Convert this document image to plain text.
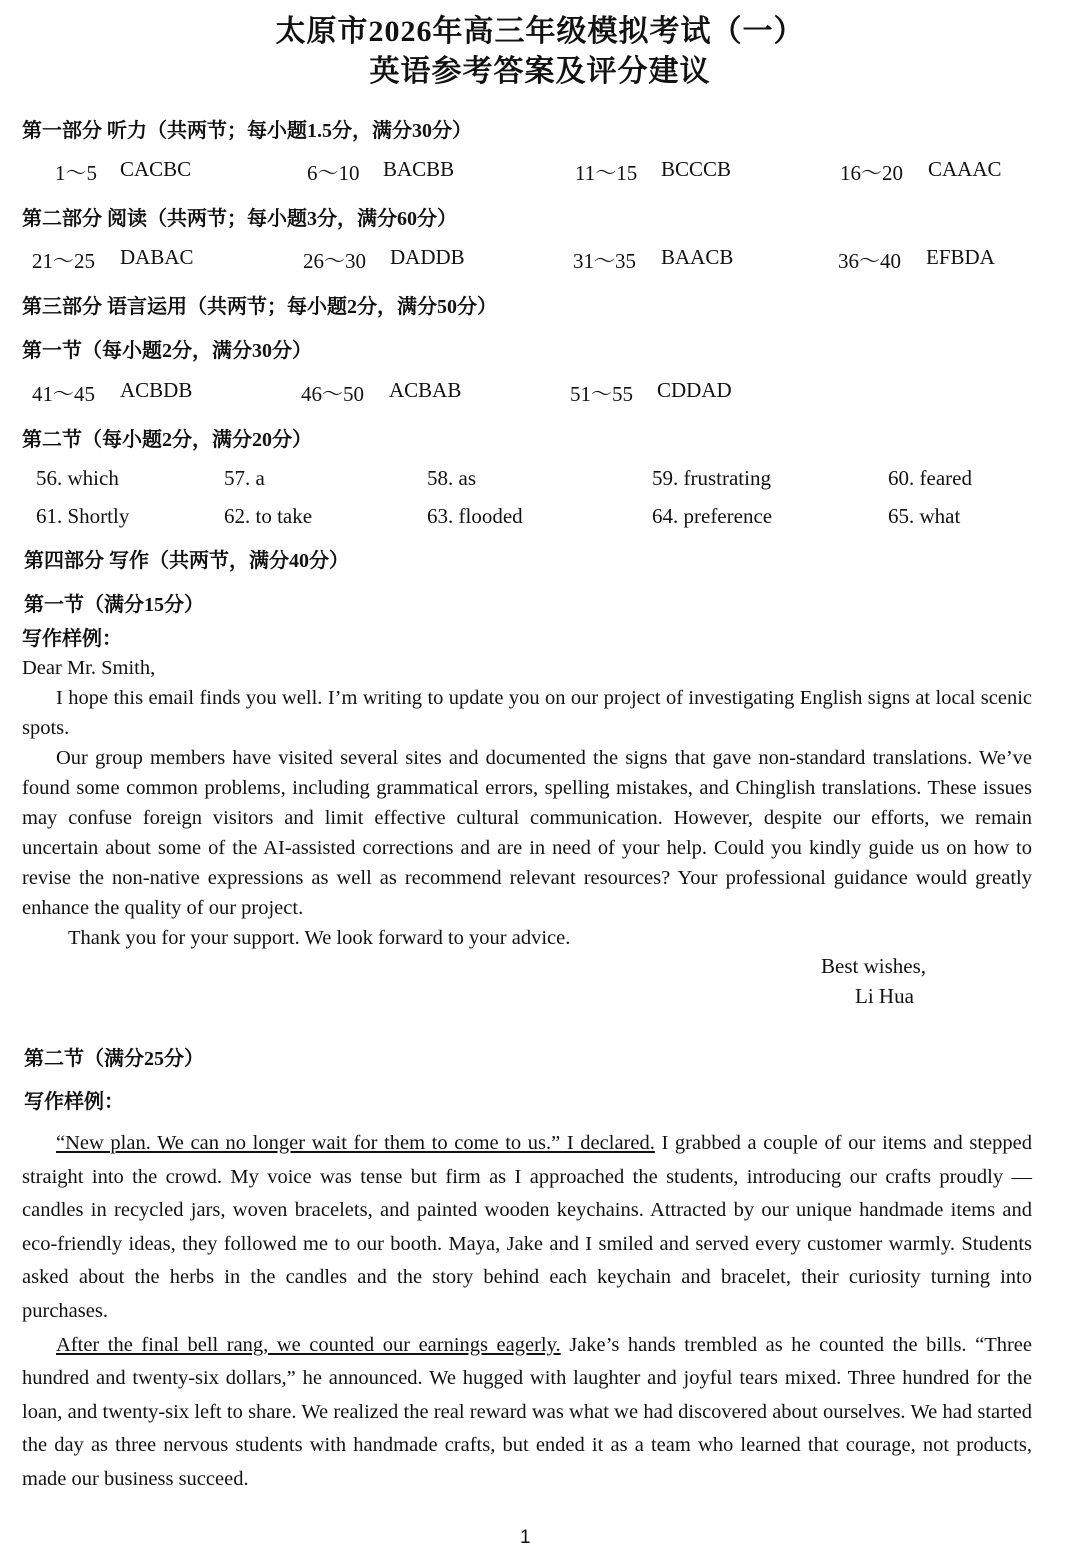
太原市2026年高三年级模拟考试（一）
英语参考答案及评分建议
第一部分 听力（共两节；每小题1.5分，满分30分）
1～5 CACBC	6～10 BACBB	11～15 BCCCB	16～20 CAAAC
第二部分 阅读（共两节；每小题3分，满分60分）
21～25 DABAC	26～30 DADDB	31～35 BAACB	36～40 EFBDA
第三部分 语言运用（共两节；每小题2分，满分50分）
第一节（每小题2分，满分30分）
41～45 ACBDB	46～50 ACBAB	51～55 CDDAD
第二节（每小题2分，满分20分）
56. which	57. a	58. as	59. frustrating	60. feared
61. Shortly	62. to take	63. flooded	64. preference	65. what
第四部分 写作（共两节，满分40分）
第一节（满分15分）
写作样例：

Dear Mr. Smith,

I hope this email finds you well. I’m writing to update you on our project of investigating English signs at local scenic spots.

Our group members have visited several sites and documented the signs that gave non-standard translations. We’ve found some common problems, including grammatical errors, spelling mistakes, and Chinglish translations. These issues may confuse foreign visitors and limit effective cultural communication. However, despite our efforts, we remain uncertain about some of the AI-assisted corrections and are in need of your help. Could you kindly guide us on how to revise the non-native expressions as well as recommend relevant resources? Your professional guidance would greatly enhance the quality of our project.

Thank you for your support. We look forward to your advice.

Best wishes,
Li Hua
第二节（满分25分）
写作样例：

“New plan. We can no longer wait for them to come to us.” I declared. I grabbed a couple of our items and stepped straight into the crowd. My voice was tense but firm as I approached the students, introducing our crafts proudly — candles in recycled jars, woven bracelets, and painted wooden keychains. Attracted by our unique handmade items and eco-friendly ideas, they followed me to our booth. Maya, Jake and I smiled and served every customer warmly. Students asked about the herbs in the candles and the story behind each keychain and bracelet, their curiosity turning into purchases.

After the final bell rang, we counted our earnings eagerly. Jake’s hands trembled as he counted the bills. “Three hundred and twenty-six dollars,” he announced. We hugged with laughter and joyful tears mixed. Three hundred for the loan, and twenty-six left to share. We realized the real reward was what we had discovered about ourselves. We had started the day as three nervous students with handmade crafts, but ended it as a team who learned that courage, not products, made our business succeed.

1
